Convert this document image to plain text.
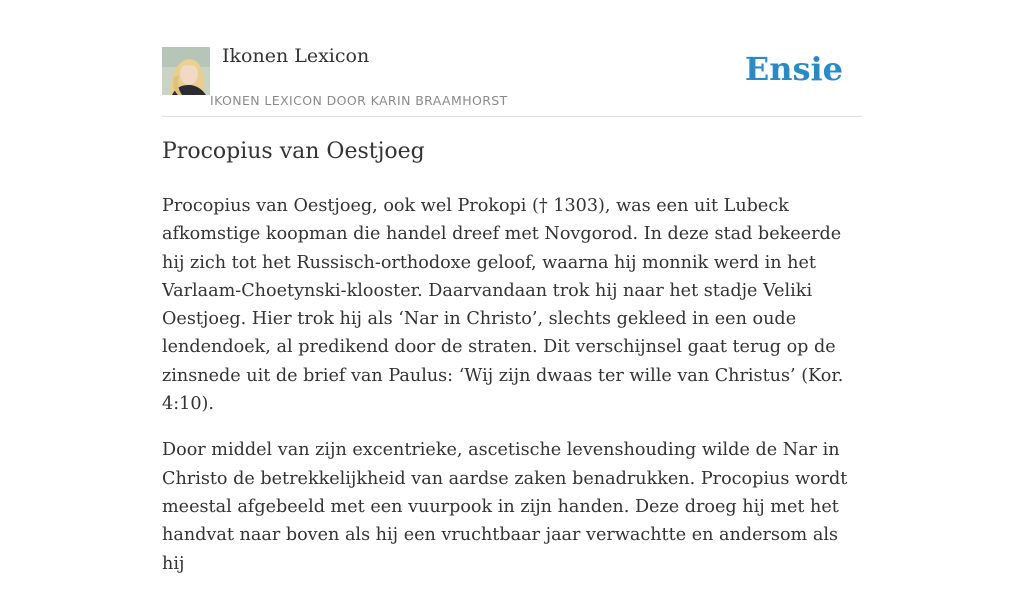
Ikonen Lexicon
IKONEN LEXICON DOOR KARIN BRAAMHORST
Ensie
Procopius van Oestjoeg

Procopius van Oestjoeg, ook wel Prokopi († 1303), was een uit Lubeck afkomstige koopman die handel dreef met Novgorod. In deze stad bekeerde hij zich tot het Russisch-orthodoxe geloof, waarna hij monnik werd in het Varlaam-Choetynski-klooster. Daarvandaan trok hij naar het stadje Veliki Oestjoeg. Hier trok hij als ‘Nar in Christo’, slechts gekleed in een oude lendendoek, al predikend door de straten. Dit verschijnsel gaat terug op de zinsnede uit de brief van Paulus: ‘Wij zijn dwaas ter wille van Christus’ (Kor. 4:10).

Door middel van zijn excentrieke, ascetische levenshouding wilde de Nar in Christo de betrekkelijkheid van aardse zaken benadrukken. Procopius wordt meestal afgebeeld met een vuurpook in zijn handen. Deze droeg hij met het handvat naar boven als hij een vruchtbaar jaar verwachtte en andersom als hij
